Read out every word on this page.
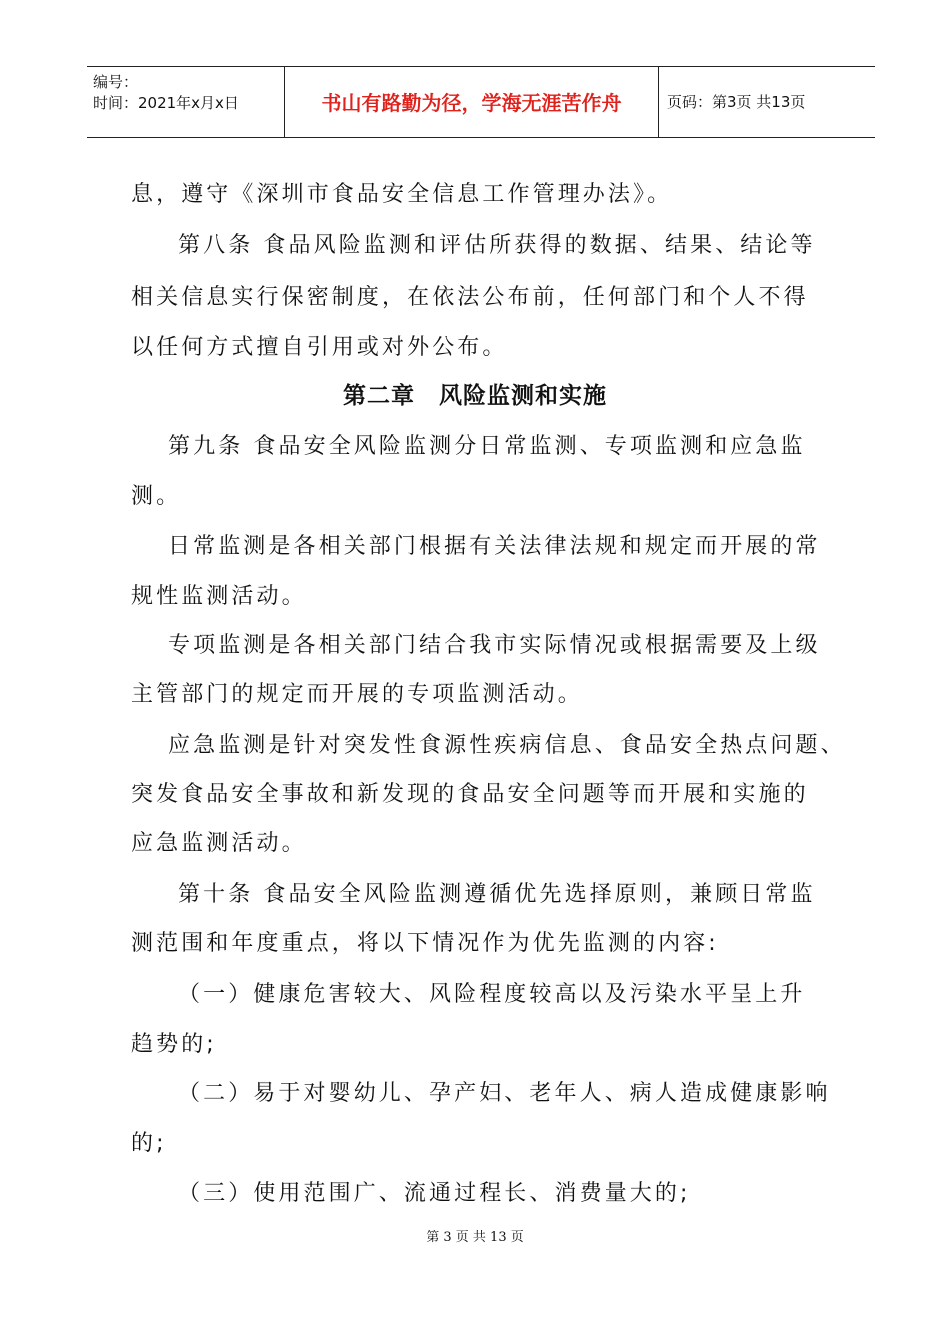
编号：
时间：2021年x月x日	书山有路勤为径，学海无涯苦作舟	页码：第3页 共13页
息，遵守《深圳市食品安全信息工作管理办法》。
第八条 食品风险监测和评估所获得的数据、结果、结论等
相关信息实行保密制度，在依法公布前，任何部门和个人不得
以任何方式擅自引用或对外公布。
第二章　风险监测和实施
第九条 食品安全风险监测分日常监测、专项监测和应急监
测。
日常监测是各相关部门根据有关法律法规和规定而开展的常
规性监测活动。
专项监测是各相关部门结合我市实际情况或根据需要及上级
主管部门的规定而开展的专项监测活动。
应急监测是针对突发性食源性疾病信息、食品安全热点问题、
突发食品安全事故和新发现的食品安全问题等而开展和实施的
应急监测活动。
第十条 食品安全风险监测遵循优先选择原则，兼顾日常监
测范围和年度重点，将以下情况作为优先监测的内容:
（一）健康危害较大、风险程度较高以及污染水平呈上升
趋势的;
（二）易于对婴幼儿、孕产妇、老年人、病人造成健康影响
的;
（三）使用范围广、流通过程长、消费量大的;
第 3 页 共 13 页
